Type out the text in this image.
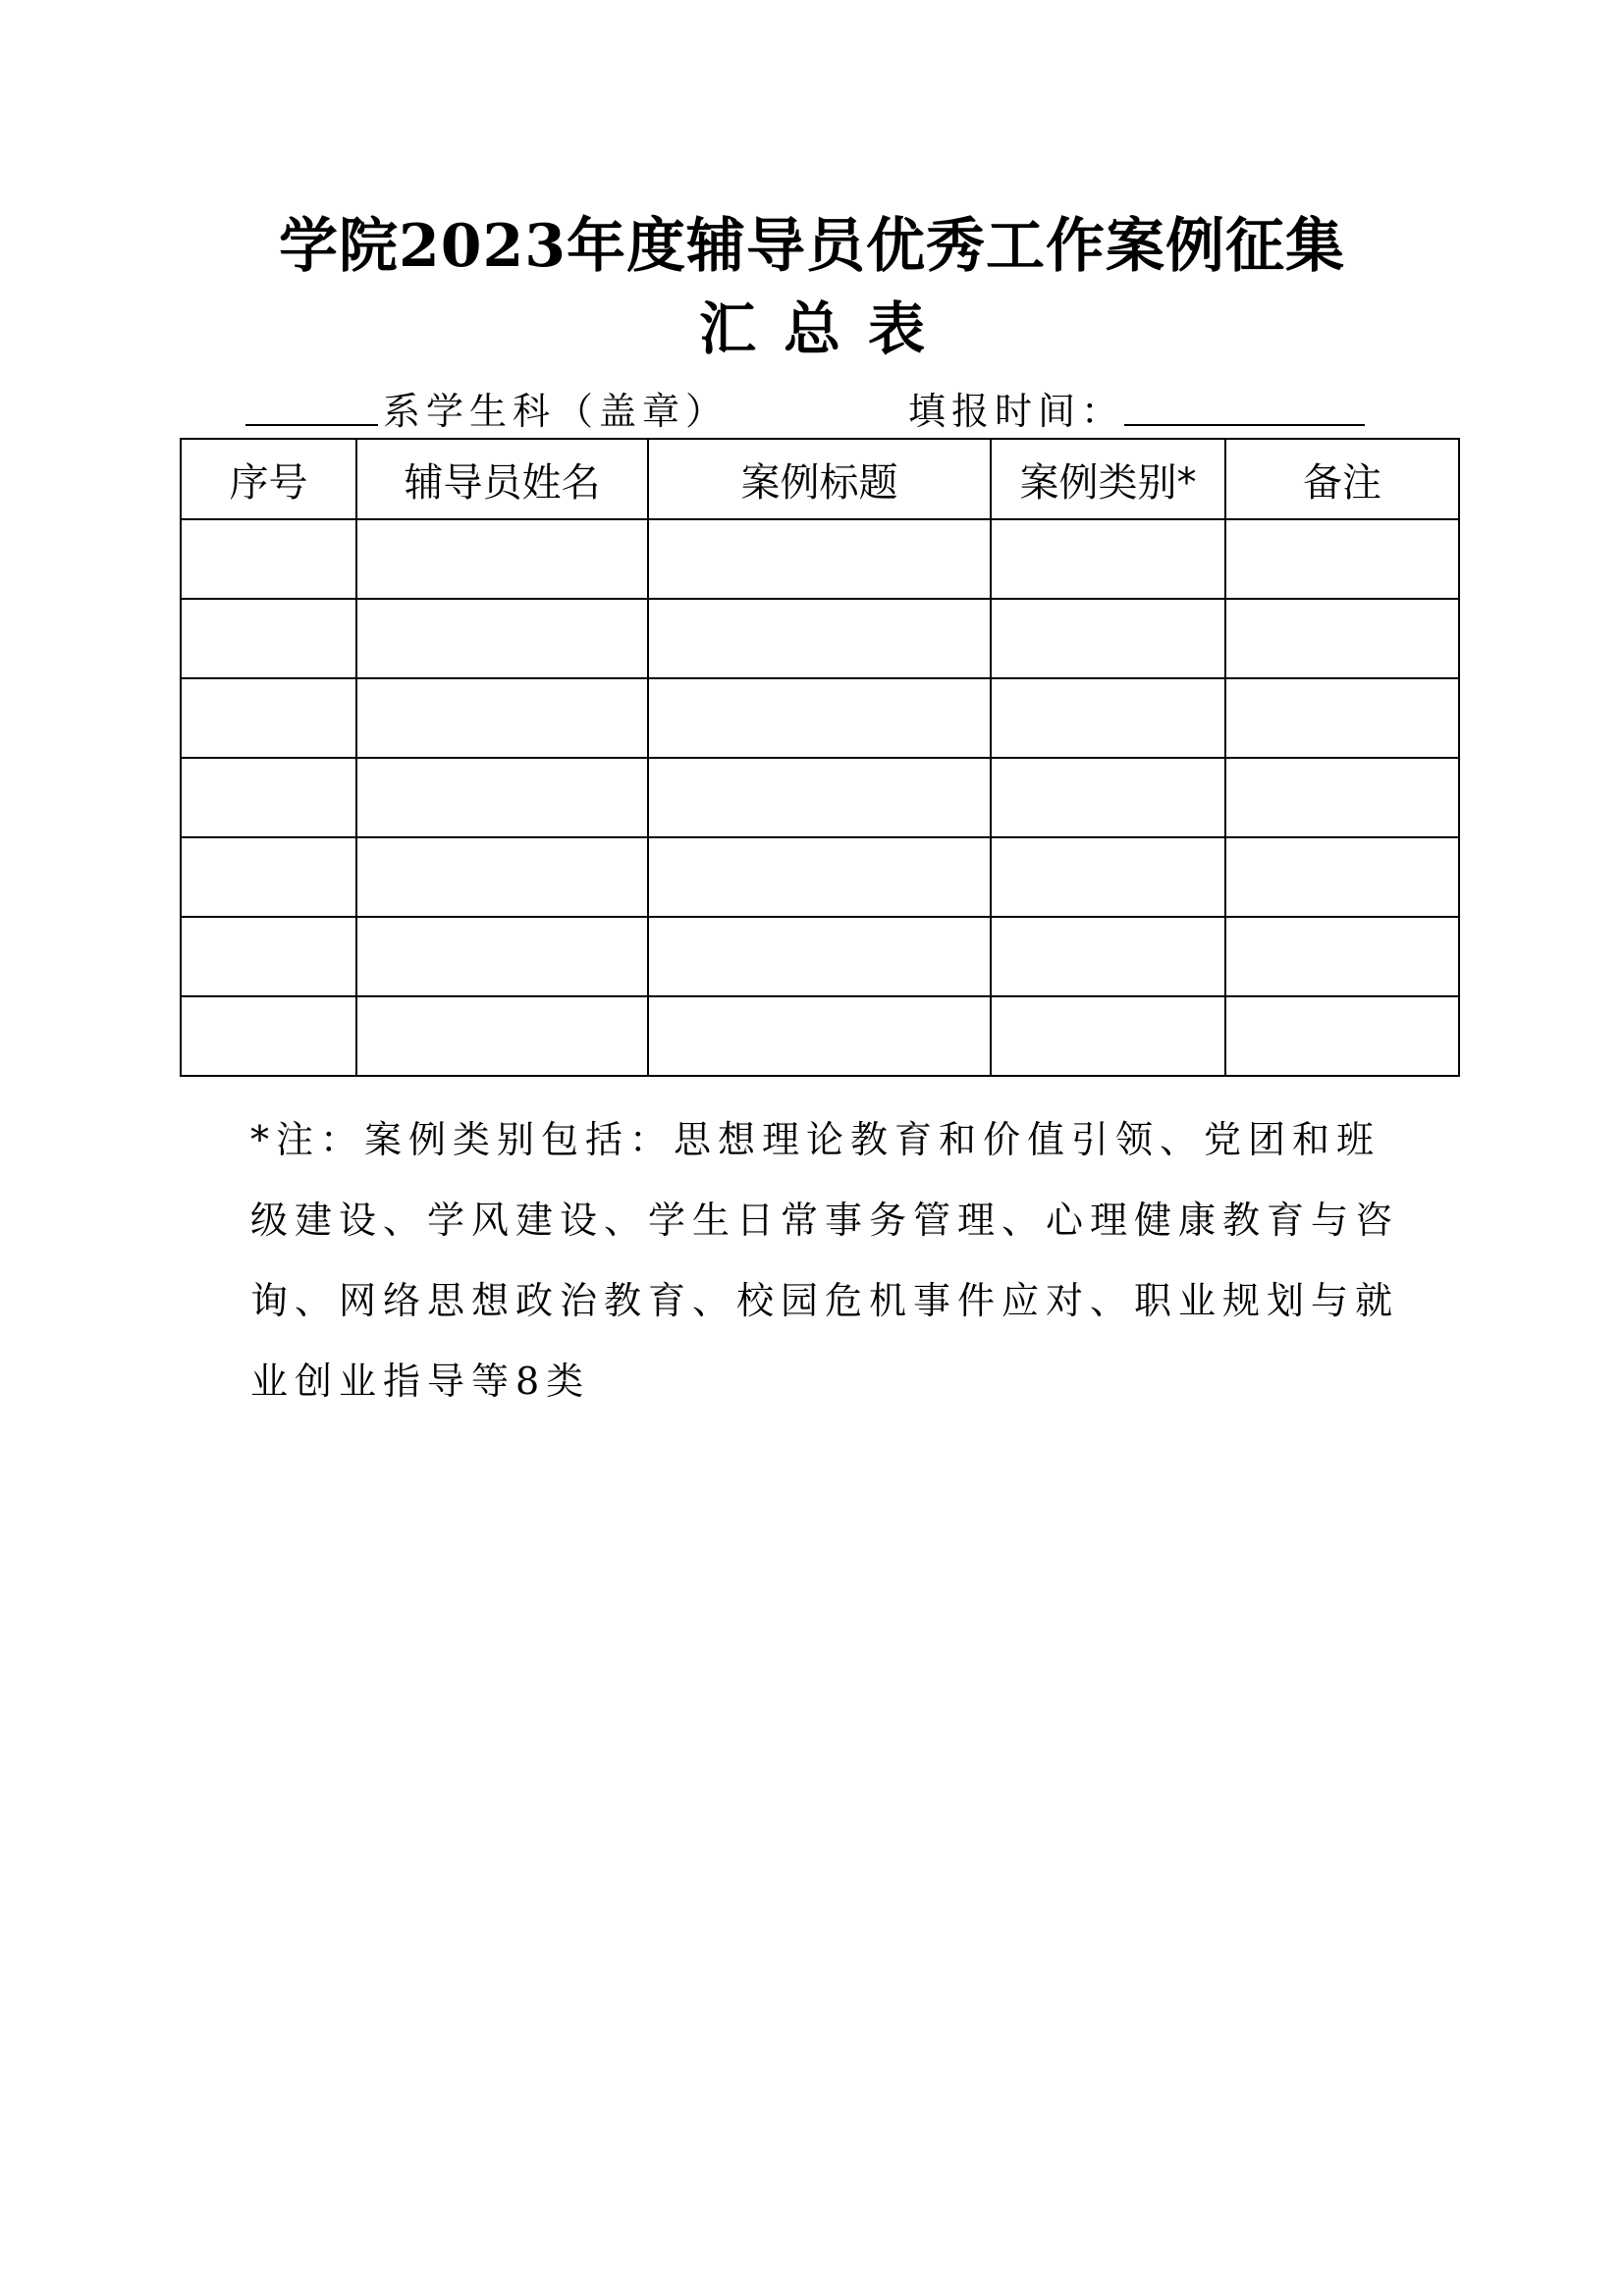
学院2023年度辅导员优秀工作案例征集
汇总表
系学生科（盖章）	填报时间：
序号	辅导员姓名	案例标题	案例类别*	备注

*注：案例类别包括：思想理论教育和价值引领、党团和班
级建设、学风建设、学生日常事务管理、心理健康教育与咨
询、网络思想政治教育、校园危机事件应对、职业规划与就
业创业指导等8类
